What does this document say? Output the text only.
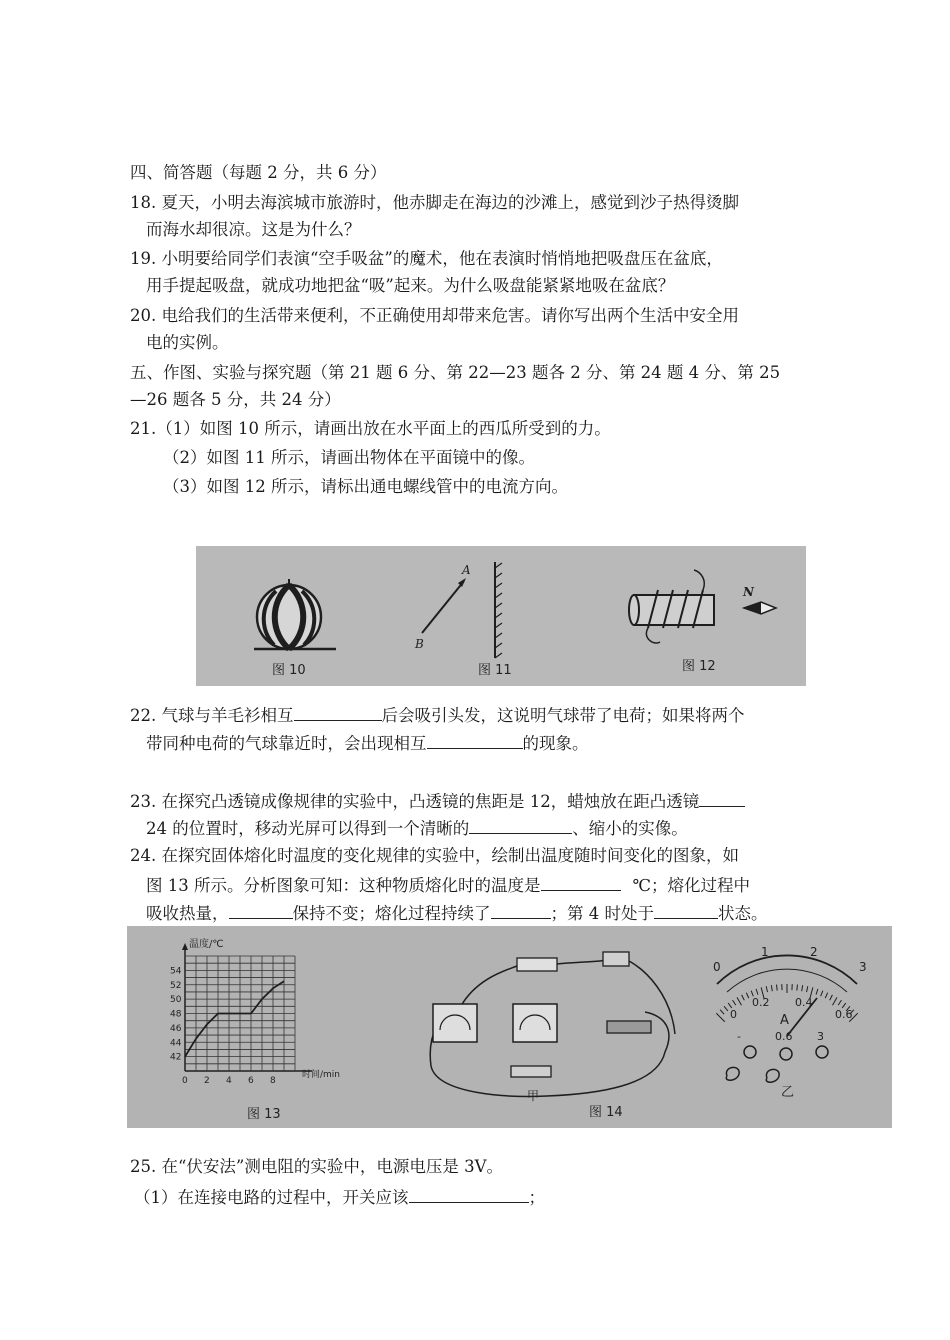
四、简答题（每题 2 分，共 6 分）
18. 夏天，小明去海滨城市旅游时，他赤脚走在海边的沙滩上，感觉到沙子热得烫脚
而海水却很凉。这是为什么？
19. 小明要给同学们表演“空手吸盆”的魔术，他在表演时悄悄地把吸盘压在盆底，
用手提起吸盘，就成功地把盆“吸”起来。为什么吸盘能紧紧地吸在盆底？
20. 电给我们的生活带来便利，不正确使用却带来危害。请你写出两个生活中安全用
电的实例。
五、作图、实验与探究题（第 21 题 6 分、第 22—23 题各 2 分、第 24 题 4 分、第 25
—26 题各 5 分，共 24 分）
21.（1）如图 10 所示，请画出放在水平面上的西瓜所受到的力。
（2）如图 11 所示，请画出物体在平面镜中的像。
（3）如图 12 所示，请标出通电螺线管中的电流方向。
图 10
A
B
图 11
N
图 12
22. 气球与羊毛衫相互	后会吸引头发，这说明气球带了电荷；如果将两个
带同种电荷的气球靠近时，会出现相互	的现象。
23. 在探究凸透镜成像规律的实验中，凸透镜的焦距是 12，蜡烛放在距凸透镜
24 的位置时，移动光屏可以得到一个清晰的	、缩小的实像。
24. 在探究固体熔化时温度的变化规律的实验中，绘制出温度随时间变化的图象，如
图 13 所示。分析图象可知：这种物质熔化时的温度是	℃；熔化过程中
吸收热量，	保持不变；熔化过程持续了	；第 4 时处于	状态。
54
52
50
48
46
44
42
0 2 4 6 8
温度/℃
时间/min
图 13
甲
图 14
0
1	2
3
0
0.2 0.4
0.6
A
-	0.6 3
乙
25. 在“伏安法”测电阻的实验中，电源电压是 3V。
（1）在连接电路的过程中，开关应该	；
